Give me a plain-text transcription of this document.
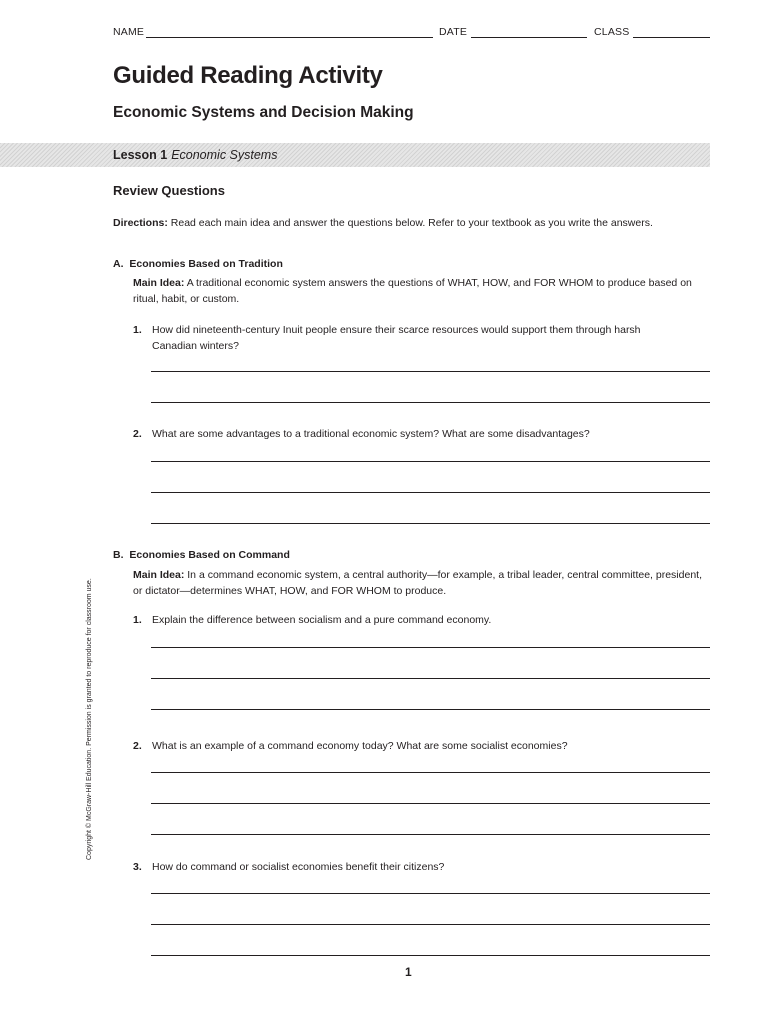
NAME	DATE	CLASS
Guided Reading Activity
Economic Systems and Decision Making
Lesson 1 Economic Systems
Review Questions
Directions: Read each main idea and answer the questions below. Refer to your textbook as you write the answers.
A. Economies Based on Tradition
Main Idea: A traditional economic system answers the questions of WHAT, HOW, and FOR WHOM to produce based on ritual, habit, or custom.
1. How did nineteenth-century Inuit people ensure their scarce resources would support them through harsh
Canadian winters?
2. What are some advantages to a traditional economic system? What are some disadvantages?
B. Economies Based on Command
Main Idea: In a command economic system, a central authority—for example, a tribal leader, central committee, president, or dictator—determines WHAT, HOW, and FOR WHOM to produce.
1. Explain the difference between socialism and a pure command economy.
2. What is an example of a command economy today? What are some socialist economies?
3. How do command or socialist economies benefit their citizens?
Copyright © McGraw-Hill Education. Permission is granted to reproduce for classroom use.
1
